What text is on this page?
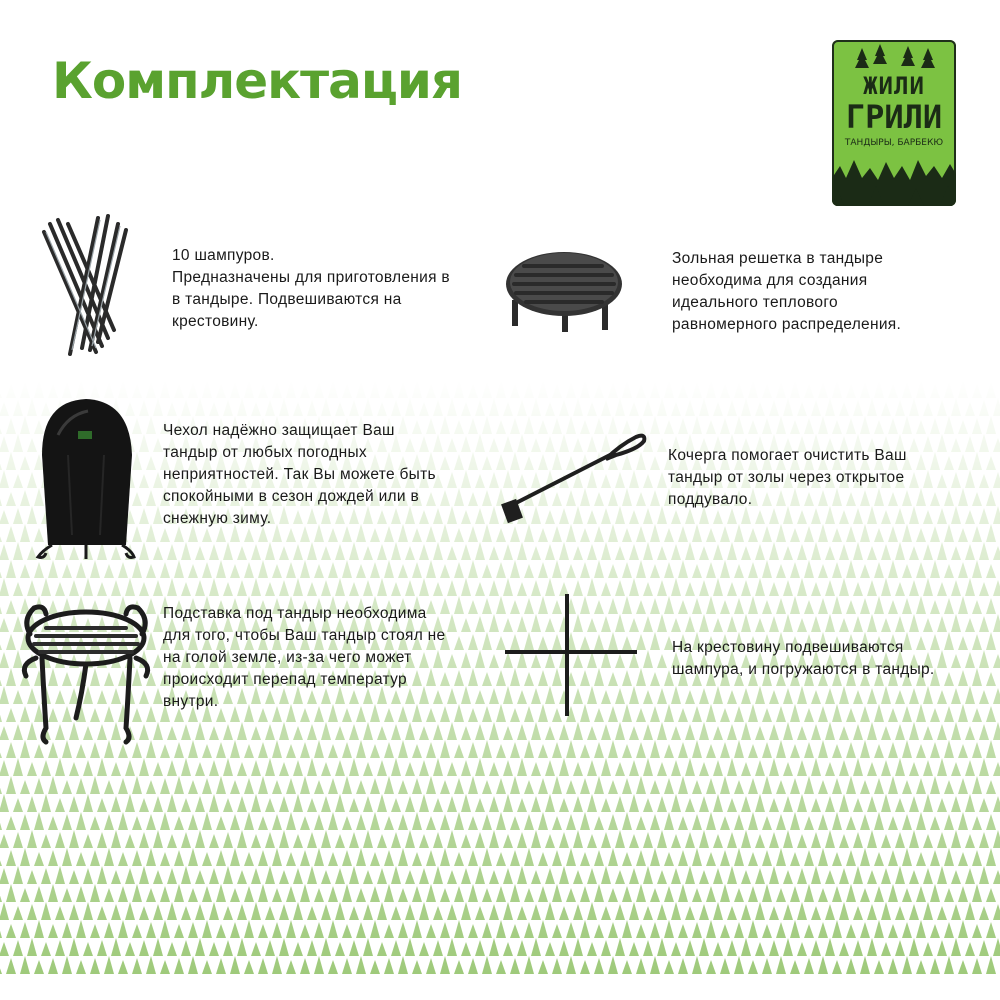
Комплектация	ЖИЛИ
ГРИЛИ
ТАНДЫРЫ, БАРБЕКЮ

10 шампуров.
Предназначены для приготовления в
в тандыре. Подвешиваются на
крестовину.

Зольная решетка в тандыре
необходима для создания
идеального теплового
равномерного распределения.

Чехол надёжно защищает Ваш
тандыр от любых погодных
неприятностей. Так Вы можете быть
спокойными в сезон дождей или в
снежную зиму.

Кочерга помогает очистить Ваш
тандыр от золы через открытое
поддувало.

Подставка под тандыр необходима
для того, чтобы Ваш тандыр стоял не
на голой земле, из-за чего может
происходит перепад температур
внутри.

На крестовину подвешиваются
шампура, и погружаются в тандыр.
